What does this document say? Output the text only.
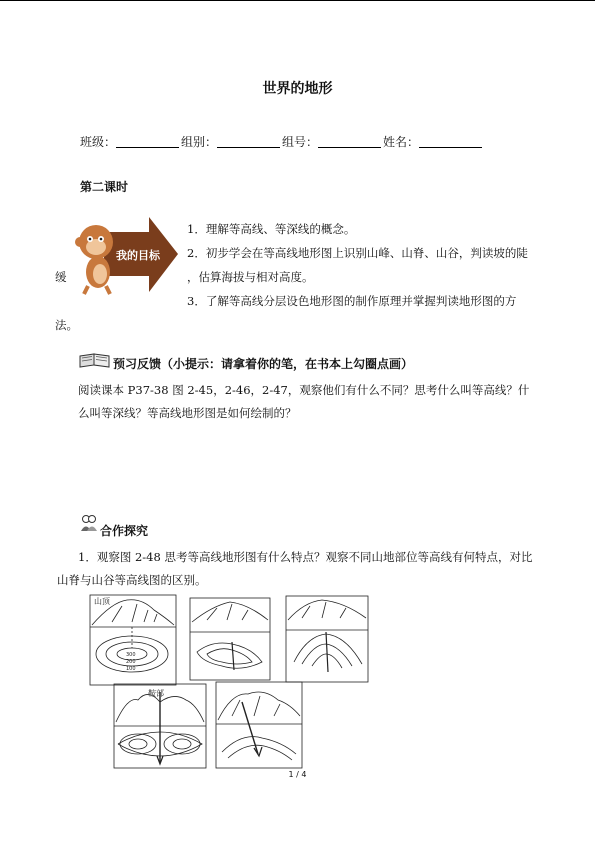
世界的地形
班级：	组别：	组号：	姓名：
第二课时
我的目标
1．理解等高线、等深线的概念。
2．初步学会在等高线地形图上识别山峰、山脊、山谷，判读坡的陡
缓	，估算海拔与相对高度。
3．了解等高线分层设色地形图的制作原理并掌握判读地形图的方
法。
预习反馈（小提示：请拿着你的笔，在书本上勾圈点画）
阅读课本 P37-38 图 2-45，2-46，2-47，观察他们有什么不同？思考什么叫等高线？什么叫等深线？等高线地形图是如何绘制的？
合作探究
1．观察图 2-48 思考等高线地形图有什么特点？观察不同山地部位等高线有何特点，对比山脊与山谷等高线图的区别。
山顶
300
200
100
鞍部
1 / 4
